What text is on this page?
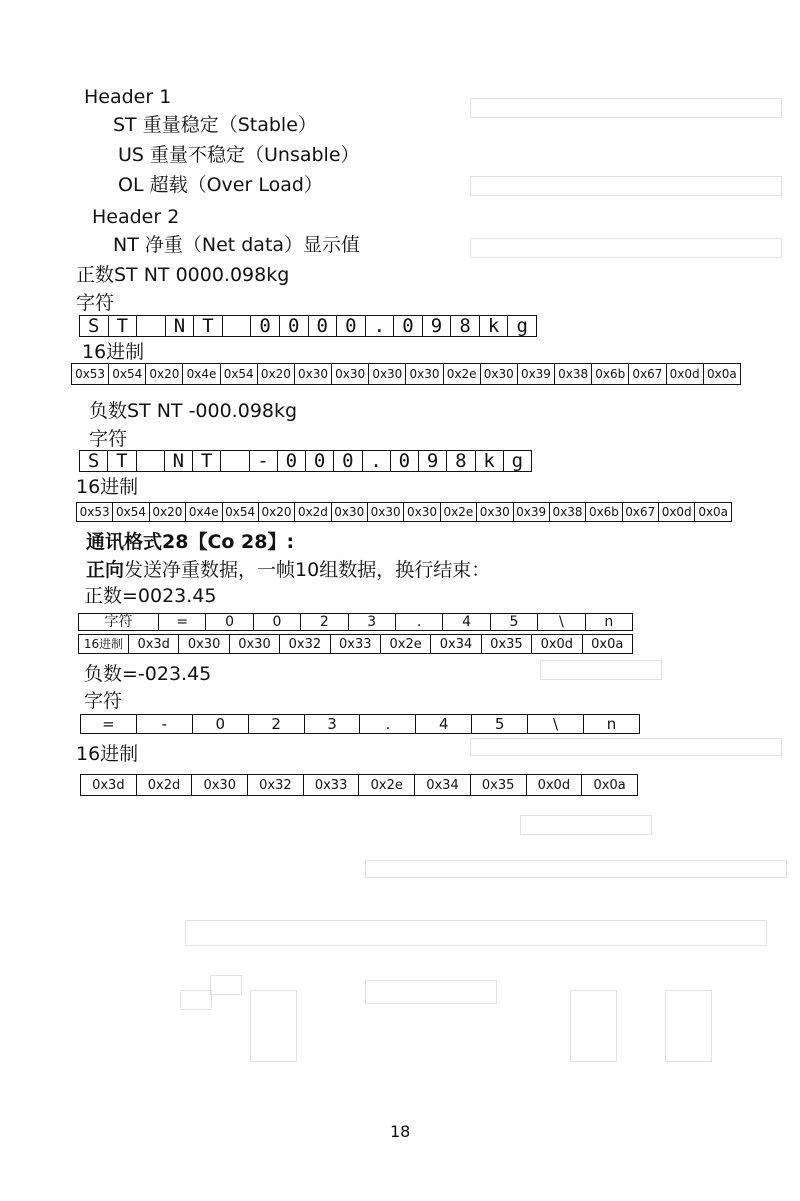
Header 1
ST 重量稳定（Stable）
US 重量不稳定（Unsable）
OL 超载（Over Load）
Header 2
NT 净重（Net data）显示值
正数ST NT 0000.098kg
字符
S	T		N	T		0	0	0	0	.	0	9	8	k	g
16进制
0x53	0x54	0x20	0x4e	0x54	0x20	0x30	0x30	0x30	0x30	0x2e	0x30	0x39	0x38	0x6b	0x67	0x0d	0x0a
负数ST NT -000.098kg
字符
S	T		N	T		-	0	0	0	.	0	9	8	k	g
16进制
0x53	0x54	0x20	0x4e	0x54	0x20	0x2d	0x30	0x30	0x30	0x2e	0x30	0x39	0x38	0x6b	0x67	0x0d	0x0a
通讯格式28【Co 28】:
正向发送净重数据，一帧10组数据，换行结束：
正数=0023.45
字符	=	0	0	2	3	.	4	5	\	n
16进制	0x3d	0x30	0x30	0x32	0x33	0x2e	0x34	0x35	0x0d	0x0a
负数=-023.45
字符
=	-	0	2	3	.	4	5	\	n
16进制
0x3d	0x2d	0x30	0x32	0x33	0x2e	0x34	0x35	0x0d	0x0a
18
